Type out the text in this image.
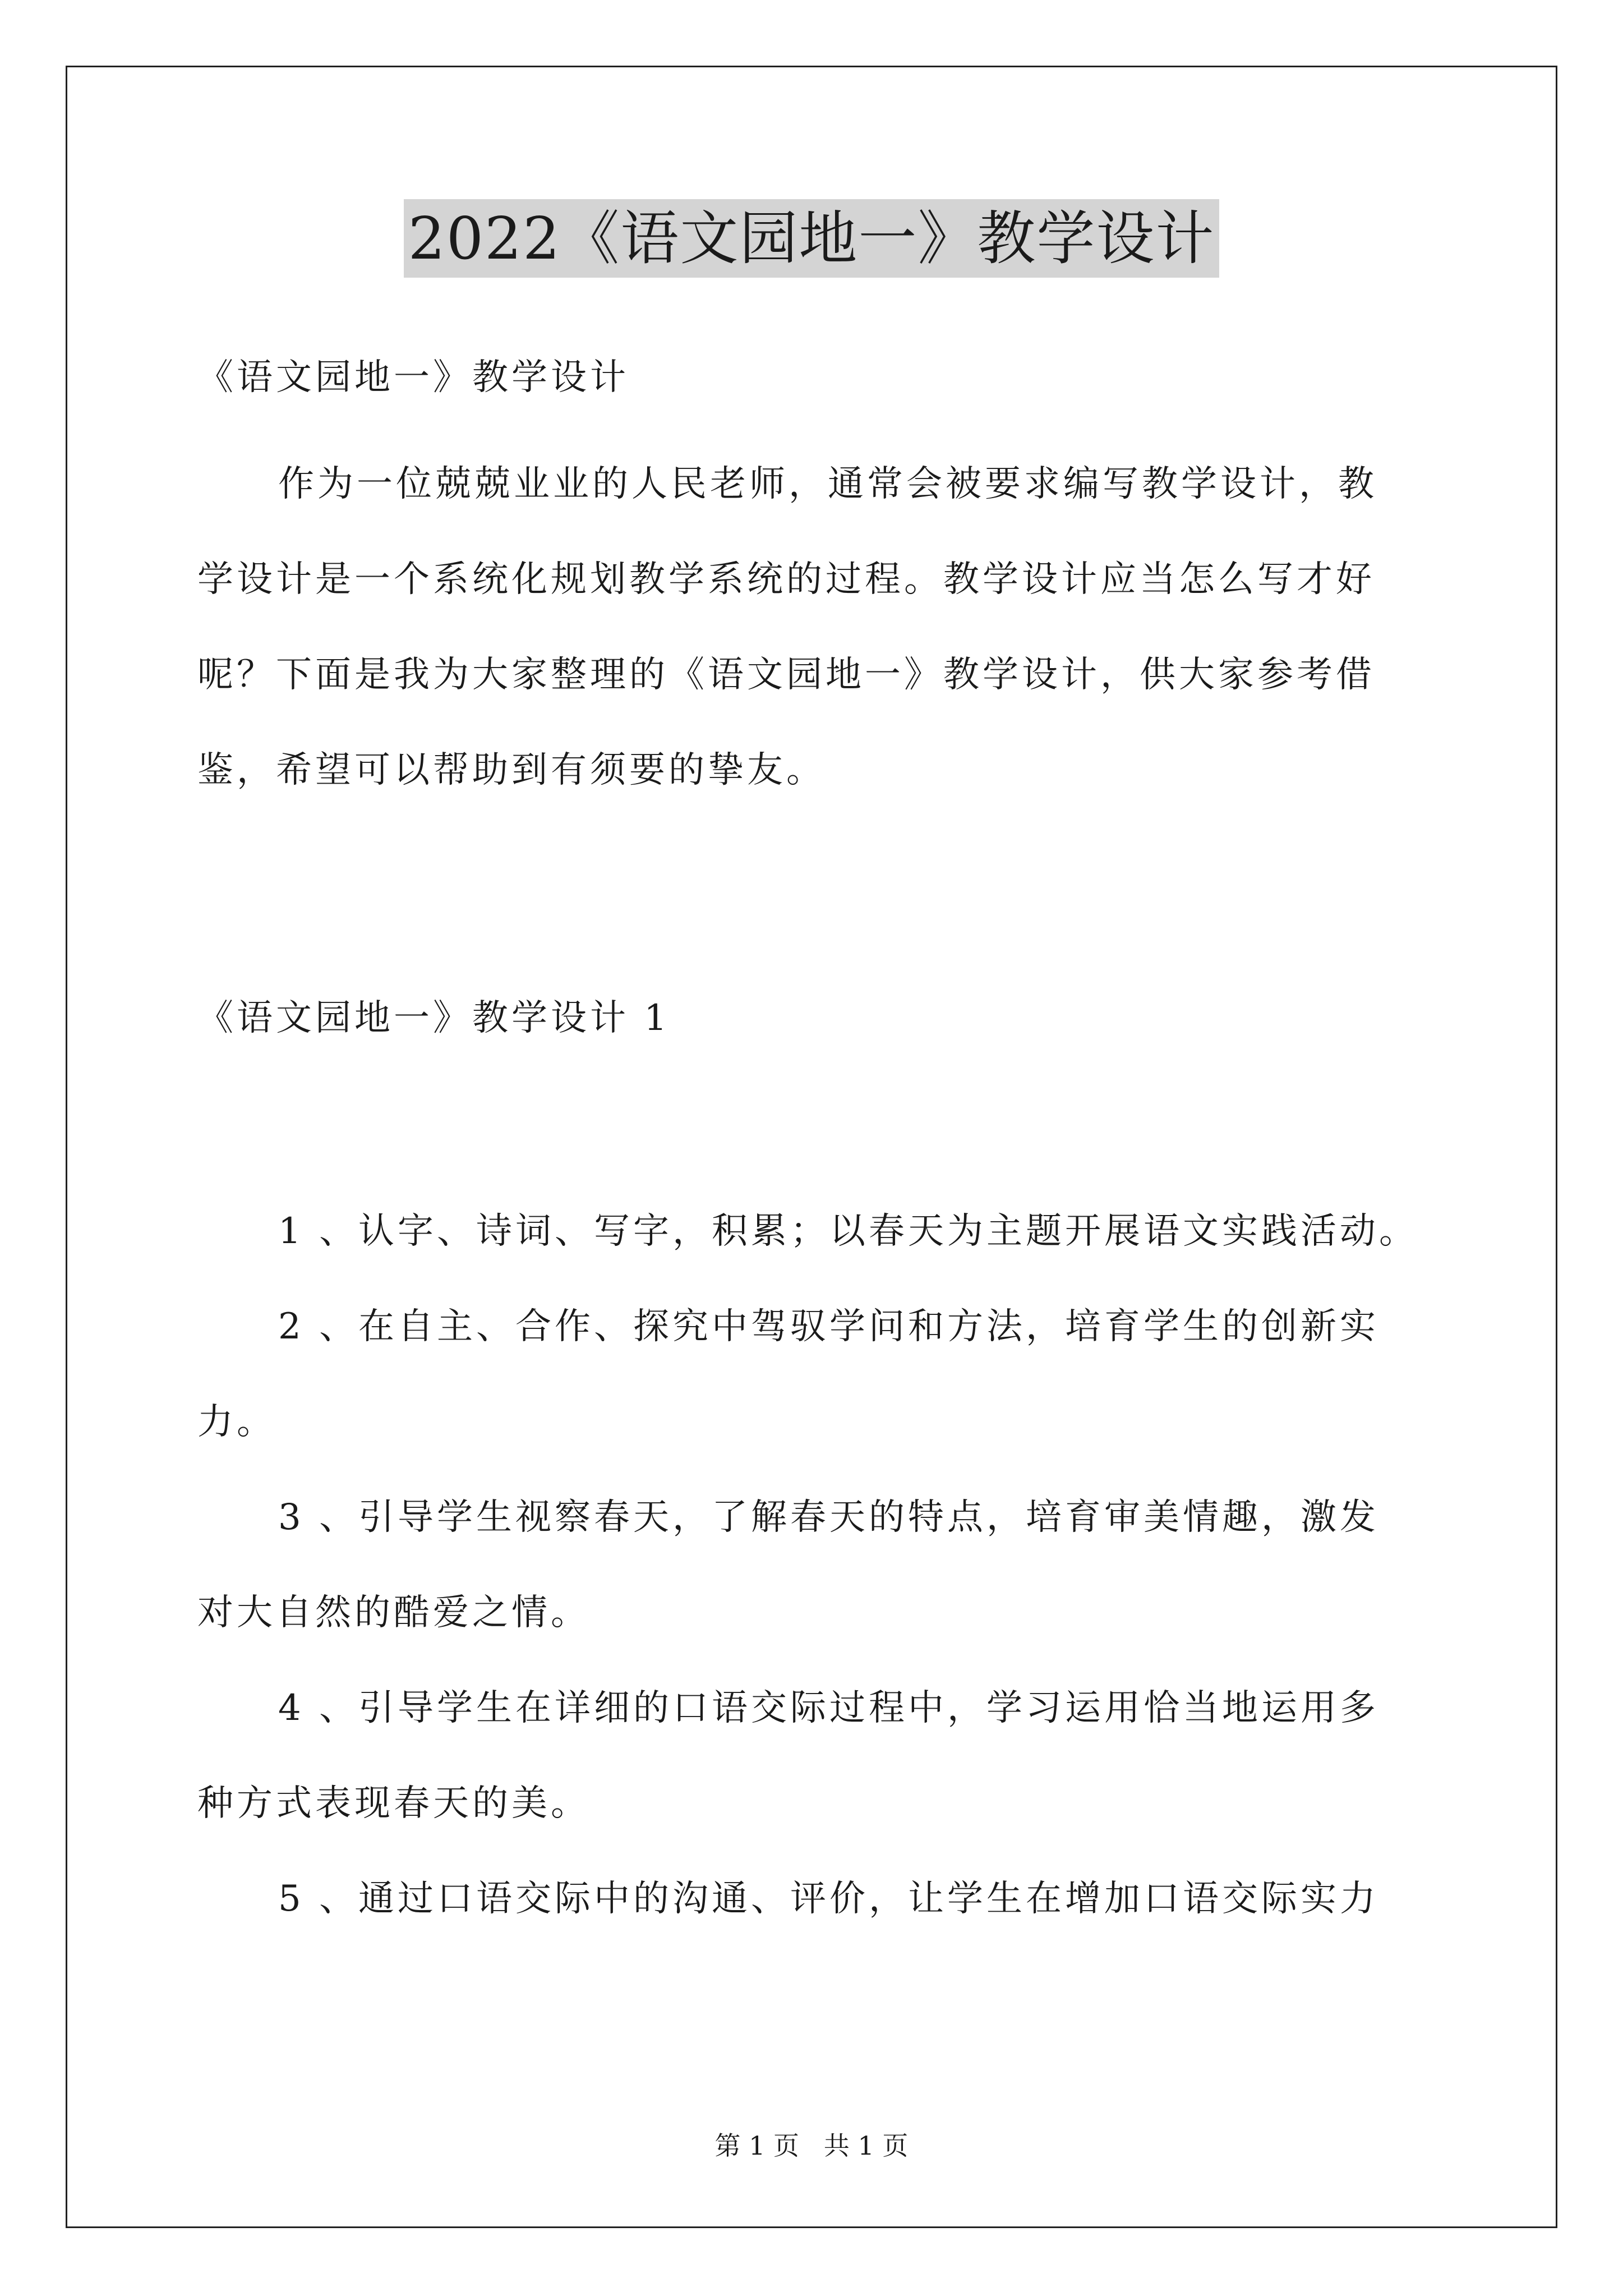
2022《语文园地一》教学设计
《语文园地一》教学设计
作为一位兢兢业业的人民老师，通常会被要求编写教学设计，教
学设计是一个系统化规划教学系统的过程。教学设计应当怎么写才好
呢？下面是我为大家整理的《语文园地一》教学设计，供大家参考借
鉴，希望可以帮助到有须要的挚友。
《语文园地一》教学设计 1
1 、认字、诗词、写字，积累；以春天为主题开展语文实践活动。
2 、在自主、合作、探究中驾驭学问和方法，培育学生的创新实
力。
3 、引导学生视察春天，了解春天的特点，培育审美情趣，激发
对大自然的酷爱之情。
4 、引导学生在详细的口语交际过程中，学习运用恰当地运用多
种方式表现春天的美。
5 、通过口语交际中的沟通、评价，让学生在增加口语交际实力
第 1 页   共 1 页
